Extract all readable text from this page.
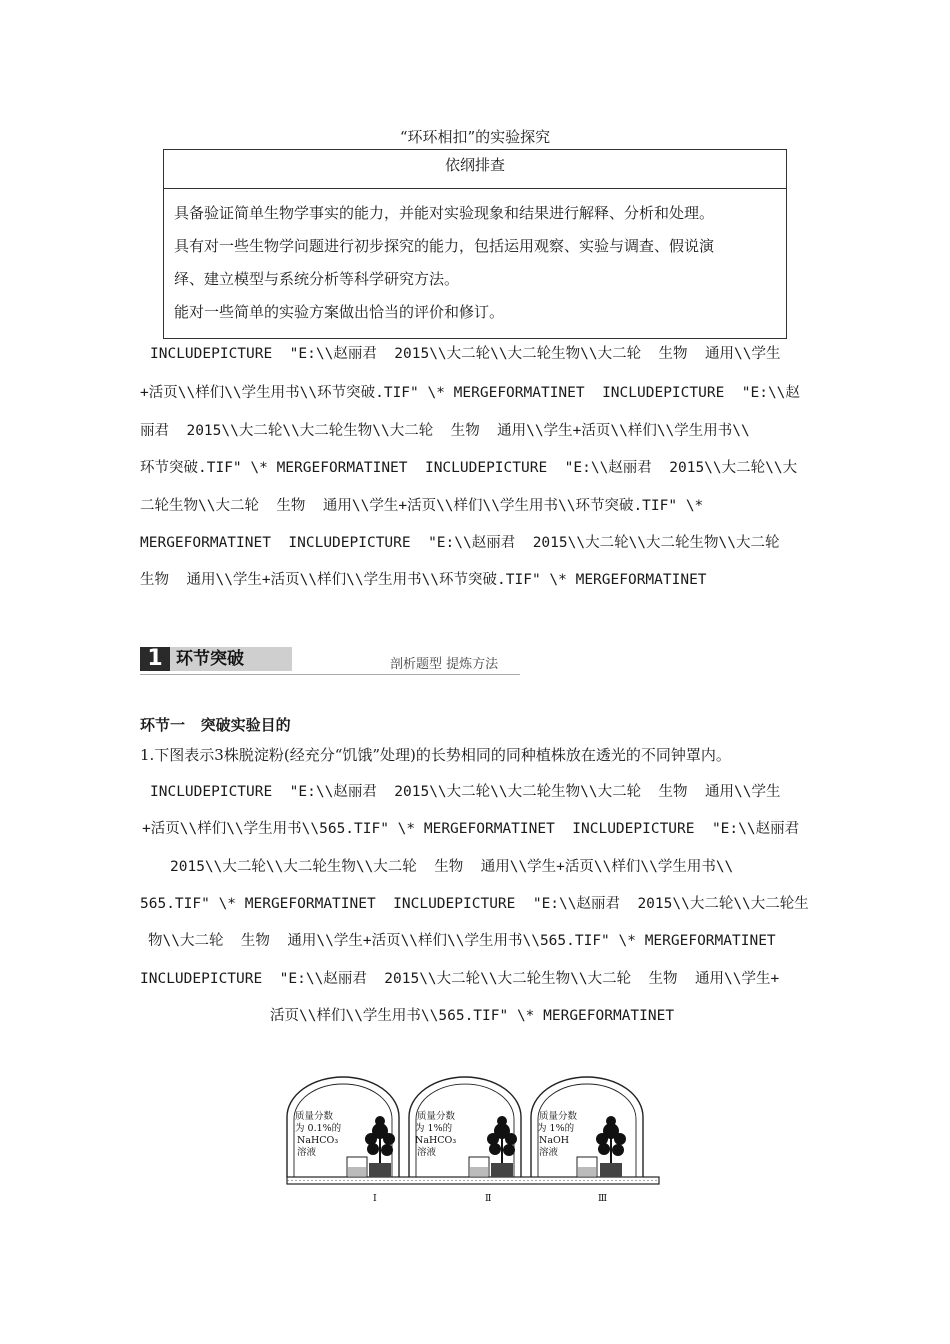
“环环相扣”的实验探究
依纲排查

具备验证简单生物学事实的能力，并能对实验现象和结果进行解释、分析和处理。

具有对一些生物学问题进行初步探究的能力，包括运用观察、实验与调查、假说演

绎、建立模型与系统分析等科学研究方法。

能对一些简单的实验方案做出恰当的评价和修订。

INCLUDEPICTURE  "E:\\赵丽君  2015\\大二轮\\大二轮生物\\大二轮  生物  通用\\学生
+活页\\样们\\学生用书\\环节突破.TIF" \* MERGEFORMATINET  INCLUDEPICTURE  "E:\\赵
丽君  2015\\大二轮\\大二轮生物\\大二轮  生物  通用\\学生+活页\\样们\\学生用书\\
环节突破.TIF" \* MERGEFORMATINET  INCLUDEPICTURE  "E:\\赵丽君  2015\\大二轮\\大
二轮生物\\大二轮  生物  通用\\学生+活页\\样们\\学生用书\\环节突破.TIF" \*
MERGEFORMATINET  INCLUDEPICTURE  "E:\\赵丽君  2015\\大二轮\\大二轮生物\\大二轮
生物  通用\\学生+活页\\样们\\学生用书\\环节突破.TIF" \* MERGEFORMATINET
1 环节突破	剖析题型 提炼方法
环节一   突破实验目的
1.下图表示3株脱淀粉(经充分“饥饿”处理)的长势相同的同种植株放在透光的不同钟罩内。
INCLUDEPICTURE  "E:\\赵丽君  2015\\大二轮\\大二轮生物\\大二轮  生物  通用\\学生
+活页\\样们\\学生用书\\565.TIF" \* MERGEFORMATINET  INCLUDEPICTURE  "E:\\赵丽君
2015\\大二轮\\大二轮生物\\大二轮  生物  通用\\学生+活页\\样们\\学生用书\\
565.TIF" \* MERGEFORMATINET  INCLUDEPICTURE  "E:\\赵丽君  2015\\大二轮\\大二轮生
物\\大二轮  生物  通用\\学生+活页\\样们\\学生用书\\565.TIF" \* MERGEFORMATINET
INCLUDEPICTURE  "E:\\赵丽君  2015\\大二轮\\大二轮生物\\大二轮  生物  通用\\学生+
活页\\样们\\学生用书\\565.TIF" \* MERGEFORMATINET
质量分数
为 0.1%的
NaHCO₃
溶液
Ⅰ
质量分数
为 1%的
NaHCO₃
溶液
Ⅱ
质量分数
为 1%的
NaOH
溶液
Ⅲ
